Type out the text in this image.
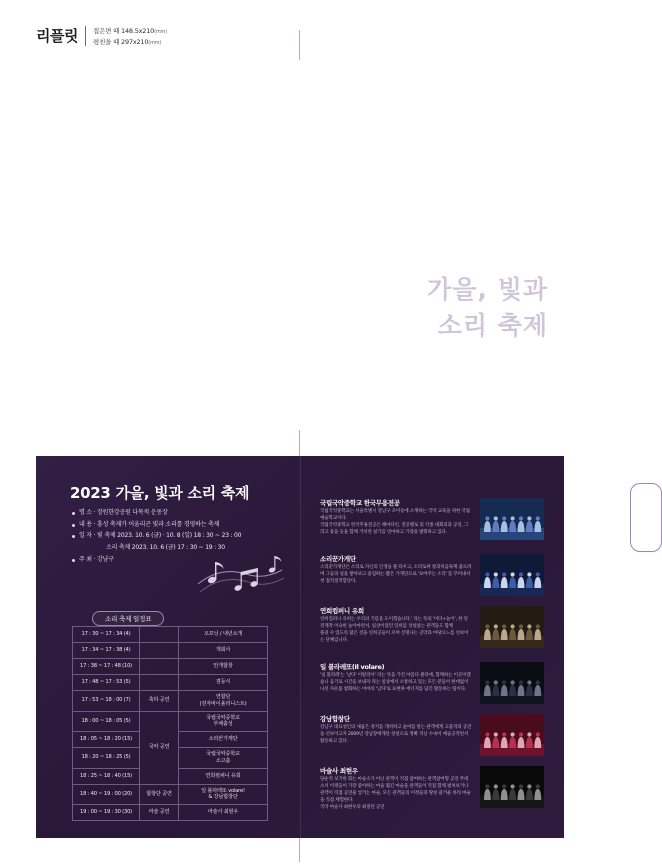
리플릿 접은면 때 148.5x210(mm)
평친을 때 297x210(mm)
가을, 빛과
소리 축제
2023 가을, 빛과 소리 축제
명 소 · 장원한강공원 다목적 운동장
내 용 · 흥성 축제가 어울리곤 빛과 소리를 경영하는 축제
일 자 · 빛 축제 2023. 10. 6 (금) · 10. 8 (일) 18 : 30 ~ 23 : 00
소리 축제 2023. 10. 6 (금) 17 : 30 ~ 19 : 30
주 최 · 강남구
소리 축제 일정표
17 : 30 ~ 17 : 34 (4)		오프닝 / 내년소개
17 : 34 ~ 17 : 38 (4)		개회사
17 : 38 ~ 17 : 48 (10)		안개합창
17 : 48 ~ 17 : 53 (5)		겸등식
17 : 53 ~ 18 : 00 (7)	축하 공연	연합단
(전자바이올리니스트)
18 : 00 ~ 18 : 05 (5)	국악 공연	국립국악중학교
부채춤성
18 : 05 ~ 18 : 20 (15)		소리꾼가게단
18 : 20 ~ 18 : 25 (5)		국립국악중학교
소고춤
18 : 25 ~ 18 : 40 (15)		연희컴퍼니 유희
18 : 40 ~ 19 : 00 (20)	합창단 공연	일 볼라레또 volare!
& 강남합창단
19 : 00 ~ 19 : 30 (30)	마술 공연	마술사 최현우
소리 축제 출연진
국립국악중학교 한국무용전공
국립국악중학교는 서울특별시 강남구 포이동에 소재하는 국악 교육을 위한 국립 예술학교이다.
국립국악중학교 한국무용전공은 해마다인, 전공별로 및 각종 대회의과 공연, 그리고 풍을 등을 함께 거치면 실기를 연마하고 기량을 발휘하고 있다.
소리꾼가게단
소리꾼가게단은 소리로 자신의 인생을 풀 타우고, 소리로써 창과치음독계 꿈으려며 그들의 실을 쌓아보고 즐겁하는 짧은 가게단으로 '보여주는 소리' 를 꾸미내서 첫 접적절적합단다.
연희컴퍼니 유희
연희컴퍼니 유희는 우리의 기름을 도이겠습니다.' 라는 뜻의 '이다+놀이', 한 단전재작 이숙한 놀이마련서, 일상이었던 연희를 상설살는 관객들도 함께
풀길 수 있도록 많은 것을 연희공들이 모여 신명나는 공악과 마당으느를 선보이는 단체입니다.
일 볼라레또(Il volare)
'일 볼라레'는 '날다' 이탈리아' 라는 뜻을 가진 아름다 클라에, 함께하는 이곳이겠습니 음기로 시간을 보내자 라는 일상에서 소통하고 있는 모든 분들이 한데없이 나선 자유롭 밤화하는 이마의 '남다'로 표현하 에너지를 담긴 활동하는 팀이다.
강남합창단
강남구 대표성인의 새곱은 경지를 개척하고 윤여를 알는 관객에게 고품격의 공연을 선보이고자 2009년 강남장에개단 창설으로 정확 지닌 수속이 예술공적련서 활동하고 있다.
마술사 최현우
당순적 보기한 화는 마술소가 아닌 관객이 직접 참여하는 관객참여형 공연 무대소서 이정들이 가장 좋아하는 마술 뭘긴 마술을 관객들이 직접 함께 펼쳐보거나 관객이 직접 공연물 넣거는 마술, 모든 관객들의 이정들과 땅친 즐거운 바라 마술을 직접 체험한다.
국악 마술사 최현우의 최절된 공연
